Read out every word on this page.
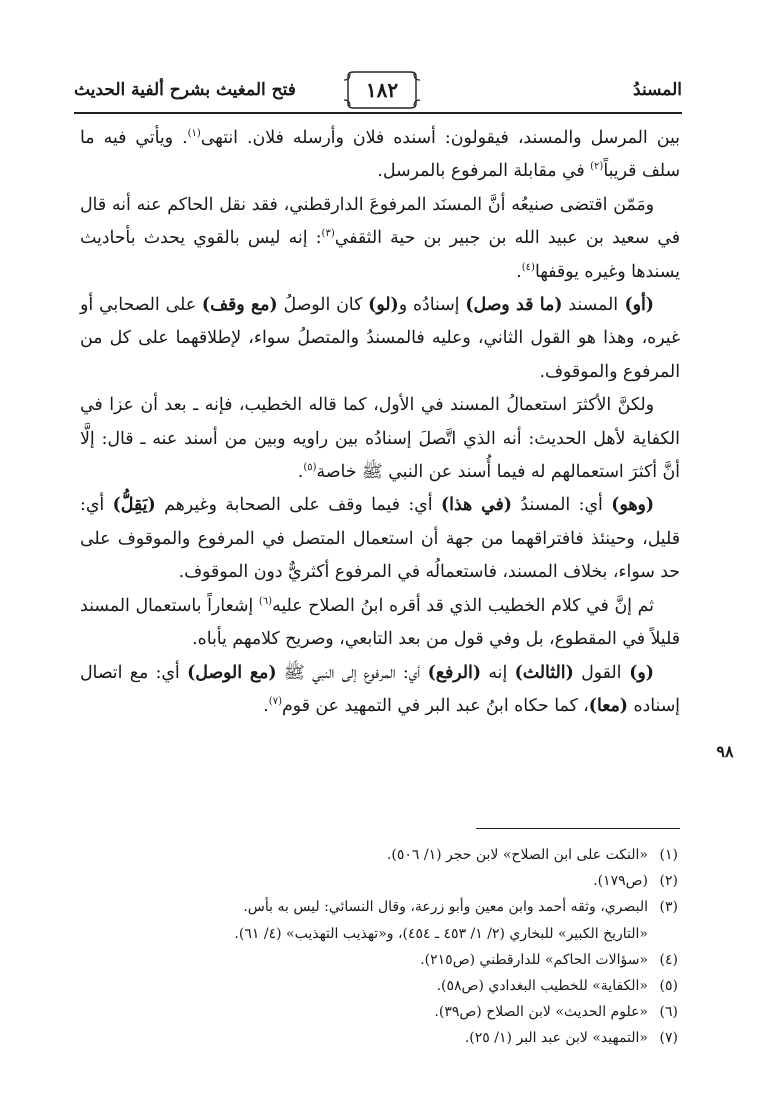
المسندُ
١٨٢
فتح المغيث بشرح ألفية الحديث

بين المرسل والمسند، فيقولون: أسنده فلان وأرسله فلان. انتهى$^{(١)}$. ويأتي فيه ما سلف قريباً$^{(٢)}$ في مقابلة المرفوع بالمرسل.

ومَمّن اقتضى صنيعُه أنَّ المسنَد المرفوعَ الدارقطني، فقد نقل الحاكم عنه أنه قال في سعيد بن عبيد الله بن جبير بن حية الثقفي$^{(٣)}$: إنه ليس بالقوي يحدث بأحاديث يسندها وغيره يوقفها$^{(٤)}$.

(أو) المسند (ما قد وصل) إسنادُه و(لو) كان الوصلُ (مع وقف) على الصحابي أو غيره، وهذا هو القول الثاني، وعليه فالمسندُ والمتصلُ سواء، لإطلاقهما على كل من المرفوع والموقوف.

ولكنَّ الأكثرَ استعمالُ المسند في الأول، كما قاله الخطيب، فإنه ـ بعد أن عزا في الكفاية لأهل الحديث: أنه الذي اتَّصلَ إسنادُه بين راويه وبين من أسند عنه ـ قال: إلَّا أنَّ أكثرَ استعمالهم له فيما أُسند عن النبي ﷺ خاصة$^{(٥)}$.

(وهو) أي: المسندُ (في هذا) أي: فيما وقف على الصحابة وغيرهم (يَقِلُّ) أي: قليل، وحينئذ فافتراقهما من جهة أن استعمال المتصل في المرفوع والموقوف على حد سواء، بخلاف المسند، فاستعمالُه في المرفوع أكثريٌّ دون الموقوف.

ثم إنَّ في كلام الخطيب الذي قد أقره ابنُ الصلاح عليه$^{(٦)}$ إشعاراً باستعمال المسند قليلاً في المقطوع، بل وفي قول من بعد التابعي، وصريح كلامهم يأباه.

(و) القول (الثالث) إنه (الرفع) أي: المرفوع إلى النبي ﷺ (مع الوصل) أي: مع اتصال إسناده (معا)، كما حكاه ابنُ عبد البر في التمهيد عن قوم$^{(٧)}$.

٩٨
(١)
«النكت على ابن الصلاح» لابن حجر (١/ ٥٠٦).
(٢)
(ص١٧٩).
(٣)
البصري، وثقه أحمد وابن معين وأبو زرعة، وقال النسائي: ليس به بأس.
«التاريخ الكبير» للبخاري (٢/ ١/ ٤٥٣ ـ ٤٥٤)، و«تهذيب التهذيب» (٤/ ٦١).
(٤)
«سؤالات الحاكم» للدارقطني (ص٢١٥).
(٥)
«الكفاية» للخطيب البغدادي (ص٥٨).
(٦)
«علوم الحديث» لابن الصلاح (ص٣٩).
(٧)
«التمهيد» لابن عبد البر (١/ ٢٥).
